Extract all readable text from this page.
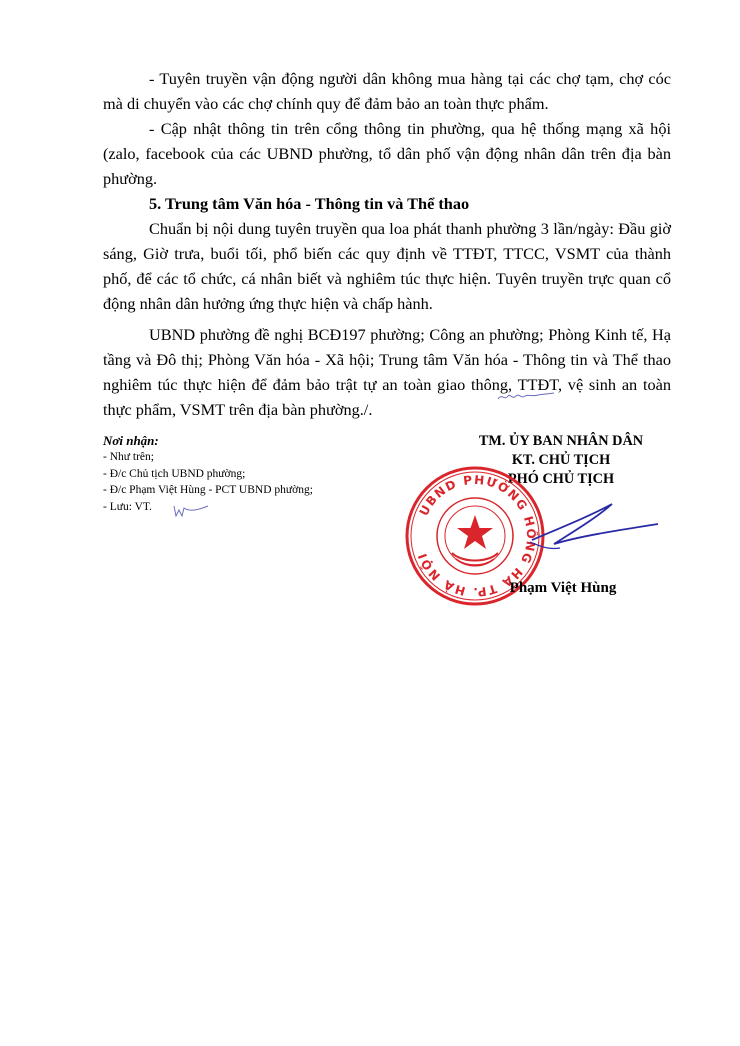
- Tuyên truyền vận động người dân không mua hàng tại các chợ tạm, chợ cóc mà di chuyển vào các chợ chính quy để đảm bảo an toàn thực phẩm.

- Cập nhật thông tin trên cổng thông tin phường, qua hệ thống mạng xã hội (zalo, facebook của các UBND phường, tổ dân phố vận động nhân dân trên địa bàn phường.

5. Trung tâm Văn hóa - Thông tin và Thể thao

Chuẩn bị nội dung tuyên truyền qua loa phát thanh phường 3 lần/ngày: Đầu giờ sáng, Giờ trưa, buổi tối, phổ biến các quy định về TTĐT, TTCC, VSMT của thành phố, để các tổ chức, cá nhân biết và nghiêm túc thực hiện. Tuyên truyền trực quan cổ động nhân dân hưởng ứng thực hiện và chấp hành.

UBND phường đề nghị BCĐ197 phường; Công an phường; Phòng Kinh tế, Hạ tầng và Đô thị; Phòng Văn hóa - Xã hội; Trung tâm Văn hóa - Thông tin và Thể thao nghiêm túc thực hiện để đảm bảo trật tự an toàn giao thông, TTĐT, vệ sinh an toàn thực phẩm, VSMT trên địa bàn phường./.

Nơi nhận:
- Như trên;
- Đ/c Chủ tịch UBND phường;
- Đ/c Phạm Việt Hùng - PCT UBND phường;
- Lưu: VT.
TM. ỦY BAN NHÂN DÂN
KT. CHỦ TỊCH
PHÓ CHỦ TỊCH
UBND PHƯỜNG HỒNG HÀ TP. HÀ NỘI
Phạm Việt Hùng
